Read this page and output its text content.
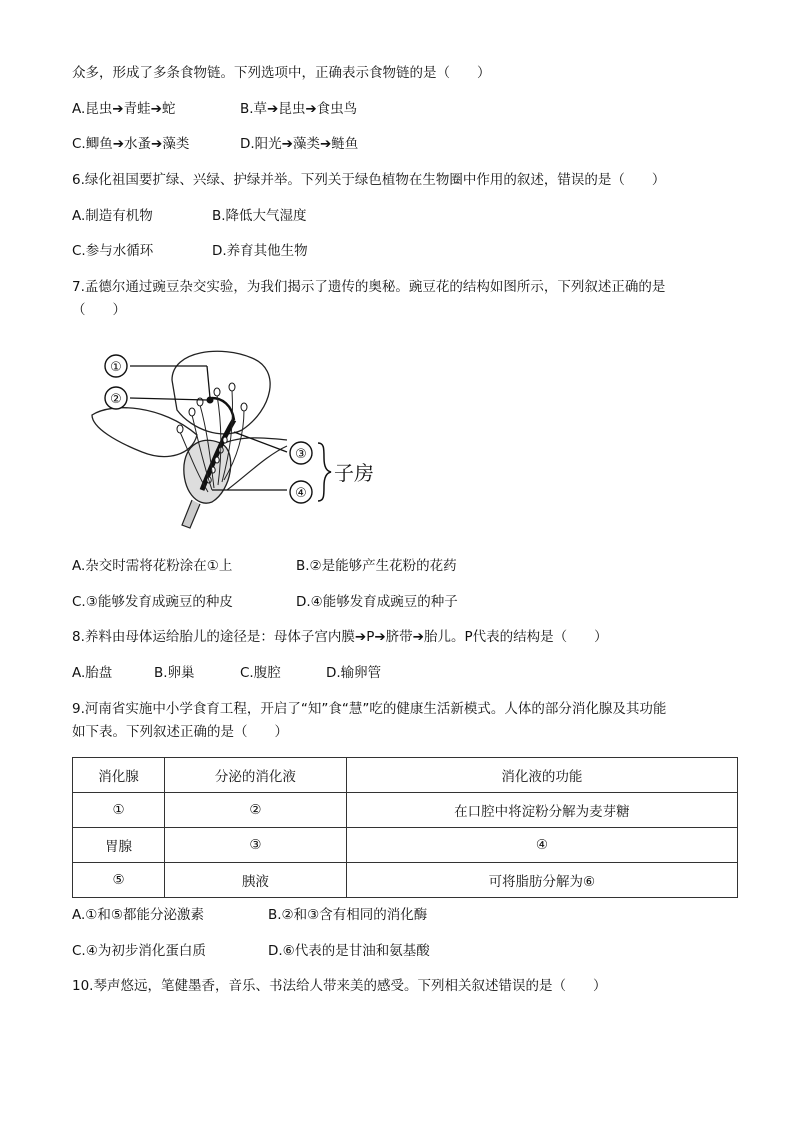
众多，形成了多条食物链。下列选项中，正确表示食物链的是（　　）
A.昆虫➔青蛙➔蛇	B.草➔昆虫➔食虫鸟
C.鲫鱼➔水蚤➔藻类	D.阳光➔藻类➔鲢鱼
6.绿化祖国要扩绿、兴绿、护绿并举。下列关于绿色植物在生物圈中作用的叙述，错误的是（　　）
A.制造有机物	B.降低大气湿度
C.参与水循环	D.养育其他生物
7.孟德尔通过豌豆杂交实验，为我们揭示了遗传的奥秘。豌豆花的结构如图所示，下列叙述正确的是
（　　）
①
②
③
④
子房
A.杂交时需将花粉涂在①上	B.②是能够产生花粉的花药
C.③能够发育成豌豆的种皮	D.④能够发育成豌豆的种子
8.养料由母体运给胎儿的途径是：母体子宫内膜➔P➔脐带➔胎儿。P代表的结构是（　　）
A.胎盘	B.卵巢	C.腹腔	D.输卵管
9.河南省实施中小学食育工程，开启了“知”食“慧”吃的健康生活新模式。人体的部分消化腺及其功能
如下表。下列叙述正确的是（　　）
消化腺	分泌的消化液	消化液的功能
①	②	在口腔中将淀粉分解为麦芽糖
胃腺	③	④
⑤	胰液	可将脂肪分解为⑥
A.①和⑤都能分泌激素	B.②和③含有相同的消化酶
C.④为初步消化蛋白质	D.⑥代表的是甘油和氨基酸
10.琴声悠远，笔健墨香，音乐、书法给人带来美的感受。下列相关叙述错误的是（　　）
